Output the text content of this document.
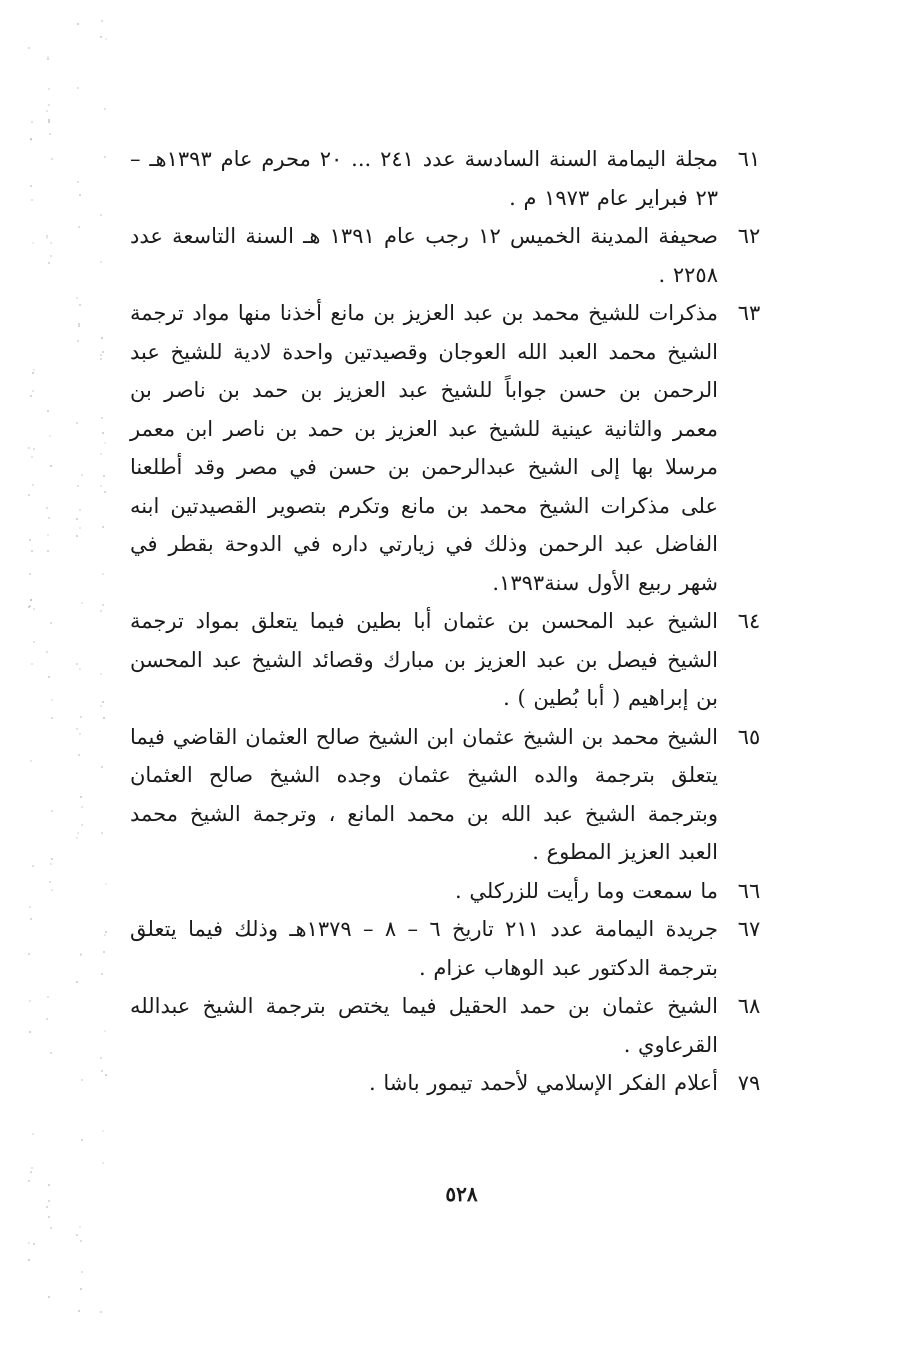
٦١
مجلة اليمامة السنة السادسة عدد ٢٤١ ... ٢٠ محرم عام ١٣٩٣هـ – ٢٣ فبراير عام ١٩٧٣ م .
٦٢
صحيفة المدينة الخميس ١٢ رجب عام ١٣٩١ هـ السنة التاسعة عدد ٢٢٥٨ .
٦٣
مذكرات للشيخ محمد بن عبد العزيز بن مانع أخذنا منها مواد ترجمة الشيخ محمد العبد الله العوجان وقصيدتين واحدة لادية للشيخ عبد الرحمن بن حسن جواباً للشيخ عبد العزيز بن حمد بن ناصر بن معمر والثانية عينية للشيخ عبد العزيز بن حمد بن ناصر ابن معمر مرسلا بها إلى الشيخ عبدالرحمن بن حسن في مصر وقد أطلعنا على مذكرات الشيخ محمد بن مانع وتكرم بتصوير القصيدتين ابنه الفاضل عبد الرحمن وذلك في زيارتي داره في الدوحة بقطر في شهر ربيع الأول سنة١٣٩٣.
٦٤
الشيخ عبد المحسن بن عثمان أبا بطين فيما يتعلق بمواد ترجمة الشيخ فيصل بن عبد العزيز بن مبارك وقصائد الشيخ عبد المحسن بن إبراهيم ( أبا بُطين ) .
٦٥
الشيخ محمد بن الشيخ عثمان ابن الشيخ صالح العثمان القاضي فيما يتعلق بترجمة والده الشيخ عثمان وجده الشيخ صالح العثمان وبترجمة الشيخ عبد الله بن محمد المانع ، وترجمة الشيخ محمد العبد العزيز المطوع .
٦٦
ما سمعت وما رأيت للزركلي .
٦٧
جريدة اليمامة عدد ٢١١ تاريخ ٦ – ٨ – ١٣٧٩هـ وذلك فيما يتعلق بترجمة الدكتور عبد الوهاب عزام .
٦٨
الشيخ عثمان بن حمد الحقيل فيما يختص بترجمة الشيخ عبدالله القرعاوي .
٧٩
أعلام الفكر الإسلامي لأحمد تيمور باشا .
٥٢٨
